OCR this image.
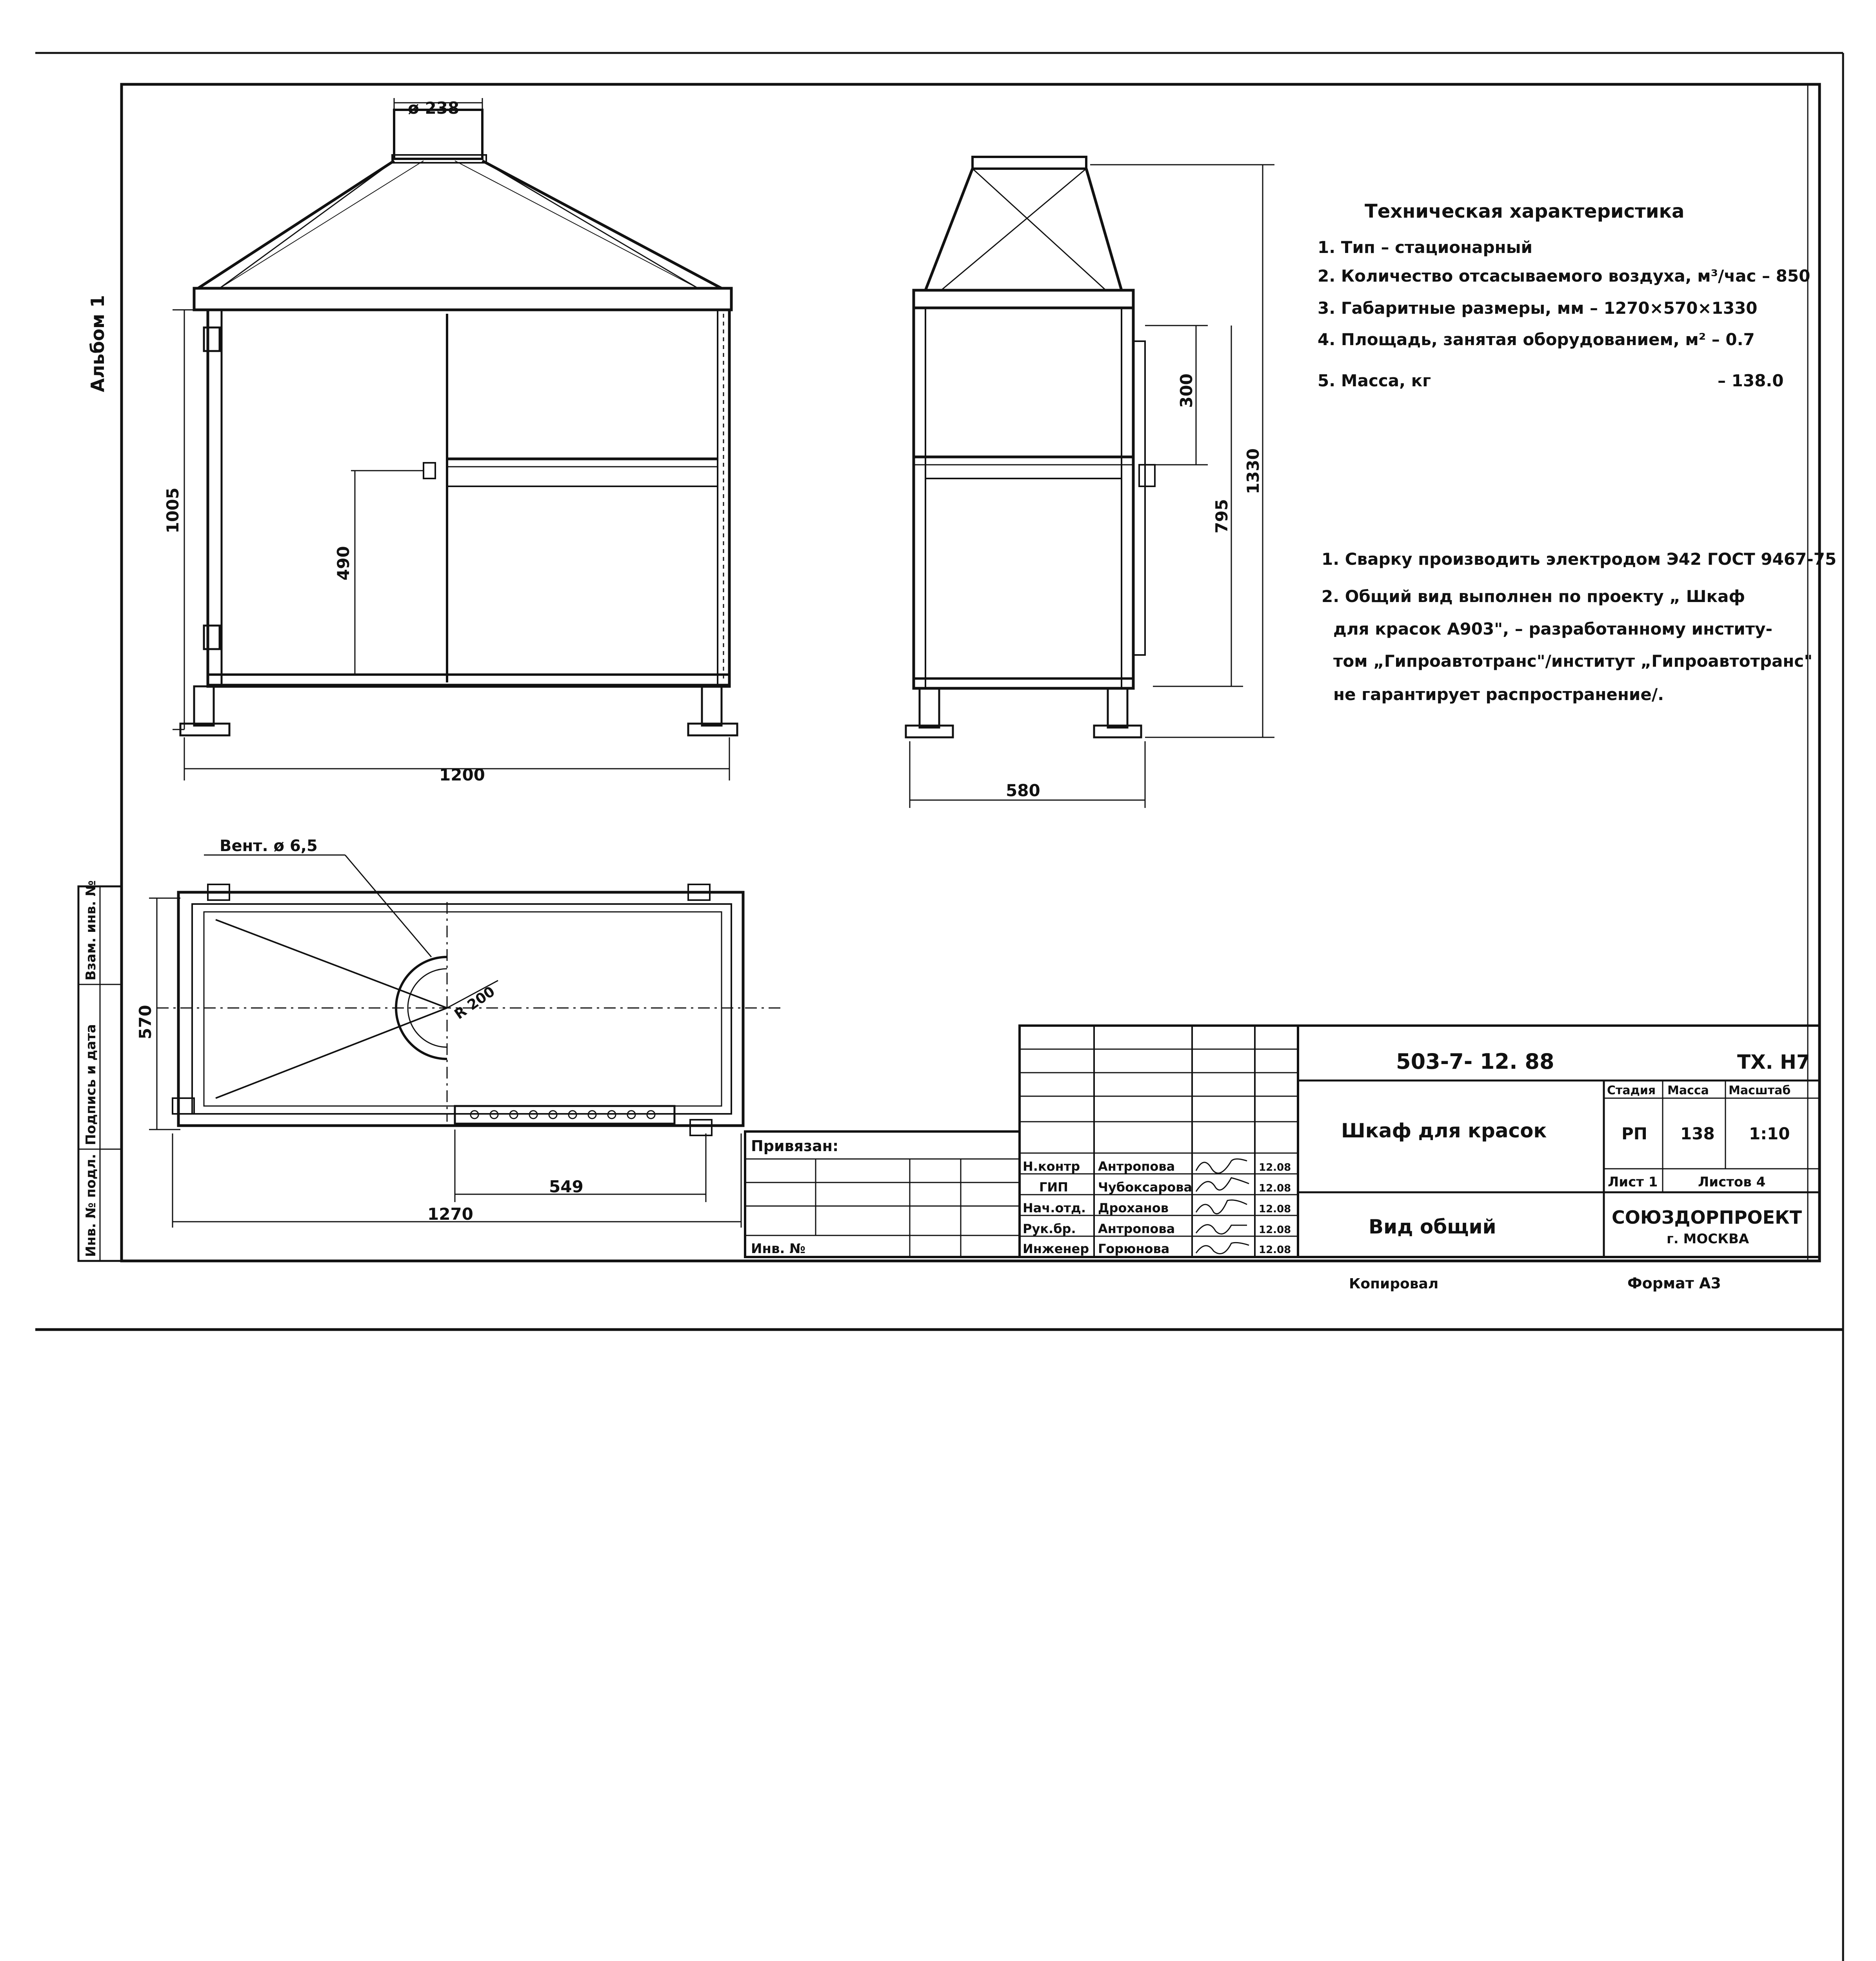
Инв. № подл.
Подпись и дата
Взам. инв. №
Альбом 1
ø 238
1005
490
1200
300
795
1330
580
570
1270
549
Вент. ø 6,5
R 200
Техническая характеристика
1. Тип – стационарный
2. Количество отсасываемого воздуха, м³/час – 850
3. Габаритные размеры, мм – 1270×570×1330
4. Площадь, занятая оборудованием, м² – 0.7
5. Масса, кг	– 138.0
1. Сварку производить электродом Э42 ГОСТ 9467-75
2. Общий вид выполнен по проекту „ Шкаф
для красок А903", – разработанному институ-
том „Гипроавтотранс"/институт „Гипроавтотранс"
не гарантирует распространение/.
503-7- 12. 88	ТХ. Н7
Шкаф для красок
Вид общий
Стадия Масса Масштаб
РП 138 1:10
Лист 1	Листов 4
СОЮЗДОРПРОЕКТ
г. МОСКВА
Привязан:
Инв. №
Копировал	Формат А3
Н.контр Антропова	12.08
ГИП Чубоксарова	12.08
Нач.отд. Дроханов	12.08
Рук.бр. Антропова	12.08
Инженер Горюнова	12.08
